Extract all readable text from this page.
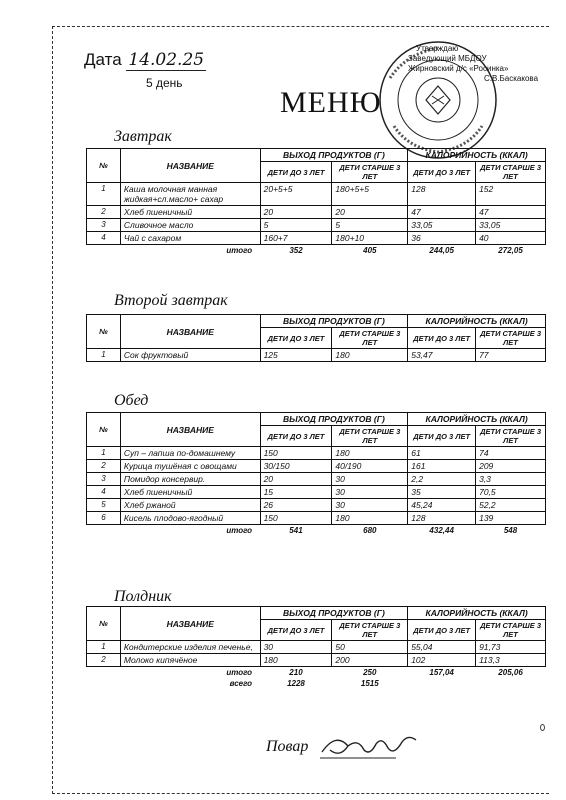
Дата 14.02.25
5 день
Утверждаю
Заведующий МБДОУ
Жирновский д/с «Росинка»
С.В.Баскакова
МЕНЮ
Завтрак
№	НАЗВАНИЕ	ВЫХОД ПРОДУКТОВ (Г)		КАЛОРИЙНОСТЬ (ККАЛ)	
		ДЕТИ ДО 3 ЛЕТ	ДЕТИ СТАРШЕ 3 ЛЕТ	ДЕТИ ДО 3 ЛЕТ	ДЕТИ СТАРШЕ 3 ЛЕТ
1	Каша молочная манная жидкая+сл.масло+ сахар	20+5+5	180+5+5	128	152
2	Хлеб пшеничный	20	20	47	47
3	Сливочное масло	5	5	33,05	33,05
4	Чай с сахаром	160+7	180+10	36	40
	итого	352	405	244,05	272,05
Второй завтрак
№	НАЗВАНИЕ	ВЫХОД ПРОДУКТОВ (Г)		КАЛОРИЙНОСТЬ (ККАЛ)	
		ДЕТИ ДО 3 ЛЕТ	ДЕТИ СТАРШЕ 3 ЛЕТ	ДЕТИ ДО 3 ЛЕТ	ДЕТИ СТАРШЕ 3 ЛЕТ
1	Сок фруктовый	125	180	53,47	77
Обед
№	НАЗВАНИЕ	ВЫХОД ПРОДУКТОВ (Г)		КАЛОРИЙНОСТЬ (ККАЛ)	
		ДЕТИ ДО 3 ЛЕТ	ДЕТИ СТАРШЕ 3 ЛЕТ	ДЕТИ ДО 3 ЛЕТ	ДЕТИ СТАРШЕ 3 ЛЕТ
1	Суп – лапша по-домашнему	150	180	61	74
2	Курица тушёная с овощами	30/150	40/190	161	209
3	Помидор консервир.	20	30	2,2	3,3
4	Хлеб пшеничный	15	30	35	70,5
5	Хлеб ржаной	26	30	45,24	52,2
6	Кисель плодово-ягодный	150	180	128	139
	итого	541	680	432,44	548
Полдник
№	НАЗВАНИЕ	ВЫХОД ПРОДУКТОВ (Г)		КАЛОРИЙНОСТЬ (ККАЛ)	
		ДЕТИ ДО 3 ЛЕТ	ДЕТИ СТАРШЕ 3 ЛЕТ	ДЕТИ ДО 3 ЛЕТ	ДЕТИ СТАРШЕ 3 ЛЕТ
1	Кондитерские изделия печенье,	30	50	55,04	91,73
2	Молоко кипячёное	180	200	102	113,3
	итого	210	250	157,04	205,06
	всего	1228	1515		
Повар
